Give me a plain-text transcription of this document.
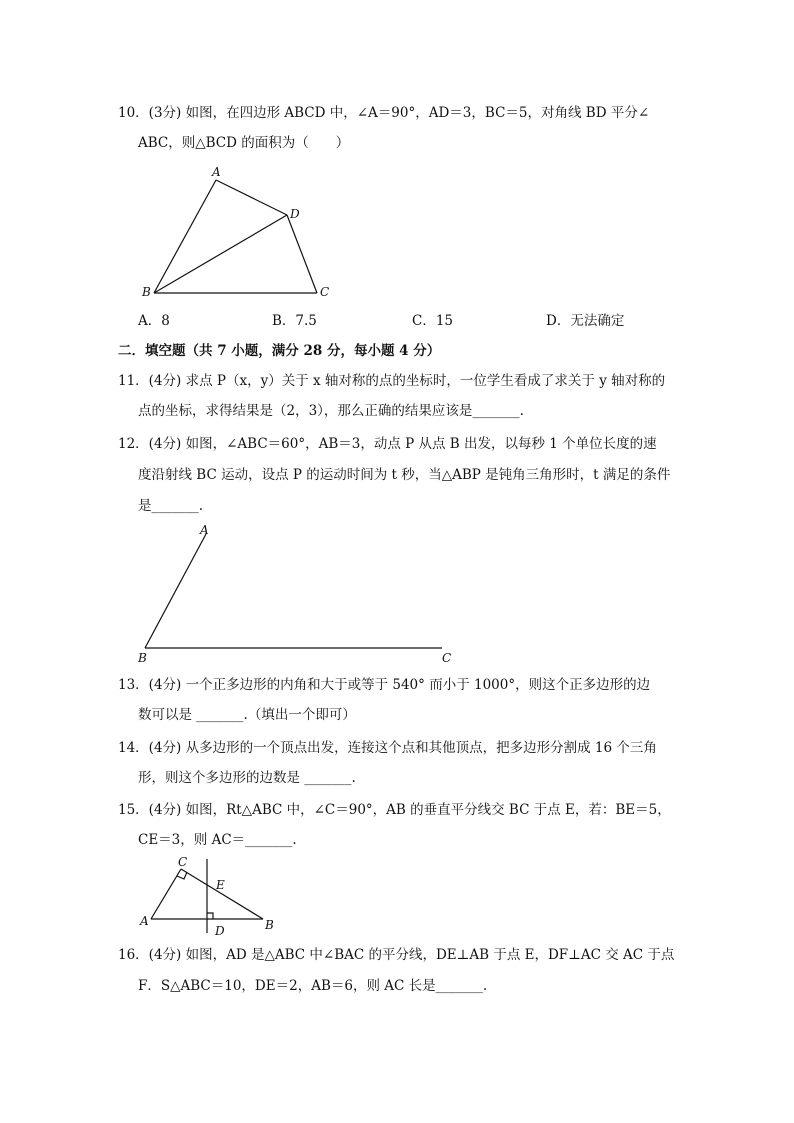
10．(3分) 如图，在四边形 ABCD 中，∠A＝90°，AD＝3，BC＝5，对角线 BD 平分∠
ABC，则△BCD 的面积为（　　）
A
B	C
D
A．8	B．7.5	C．15	D．无法确定
二．填空题（共 7 小题，满分 28 分，每小题 4 分）
11．(4分) 求点 P（x，y）关于 x 轴对称的点的坐标时，一位学生看成了求关于 y 轴对称的
点的坐标，求得结果是（2，3），那么正确的结果应该是_______.
12．(4分) 如图，∠ABC＝60°，AB＝3，动点 P 从点 B 出发，以每秒 1 个单位长度的速
度沿射线 BC 运动，设点 P 的运动时间为 t 秒，当△ABP 是钝角三角形时，t 满足的条件
是_______.
A
B	C
13．(4分) 一个正多边形的内角和大于或等于 540° 而小于 1000°，则这个正多边形的边
数可以是 _______.（填出一个即可）
14．(4分) 从多边形的一个顶点出发，连接这个点和其他顶点，把多边形分割成 16 个三角
形，则这个多边形的边数是 _______.
15．(4分) 如图，Rt△ABC 中，∠C＝90°，AB 的垂直平分线交 BC 于点 E，若：BE＝5，
CE＝3，则 AC＝_______.
C
E
A	B
D
16．(4分) 如图，AD 是△ABC 中∠BAC 的平分线，DE⊥AB 于点 E，DF⊥AC 交 AC 于点
F．S△ABC＝10，DE＝2，AB＝6，则 AC 长是_______.
